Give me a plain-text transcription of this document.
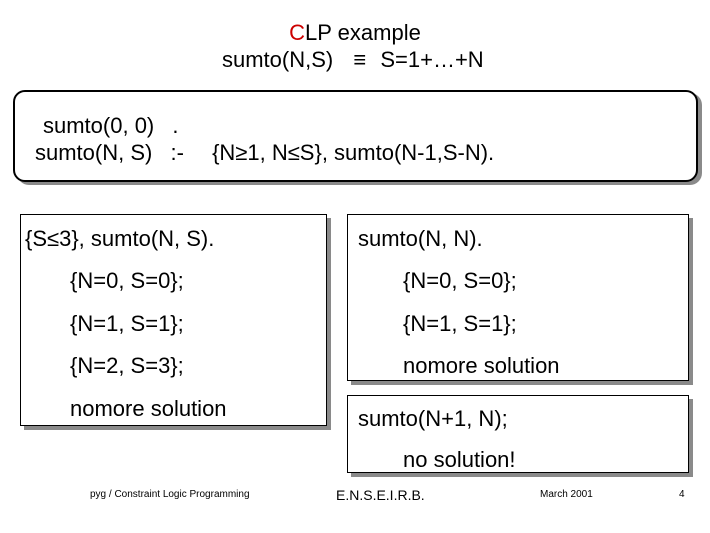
CLP example
sumto(N,S) ≡ S=1+…+N
sumto(0, 0) .
sumto(N, S) :- {N≥1, N≤S}, sumto(N-1,S-N).
{S≤3}, sumto(N, S).
{N=0, S=0};
{N=1, S=1};
{N=2, S=3};
nomore solution
sumto(N, N).
{N=0, S=0};
{N=1, S=1};
nomore solution
sumto(N+1, N);
no solution!
pyg / Constraint Logic Programming	E.N.S.E.I.R.B.	March 2001	4
